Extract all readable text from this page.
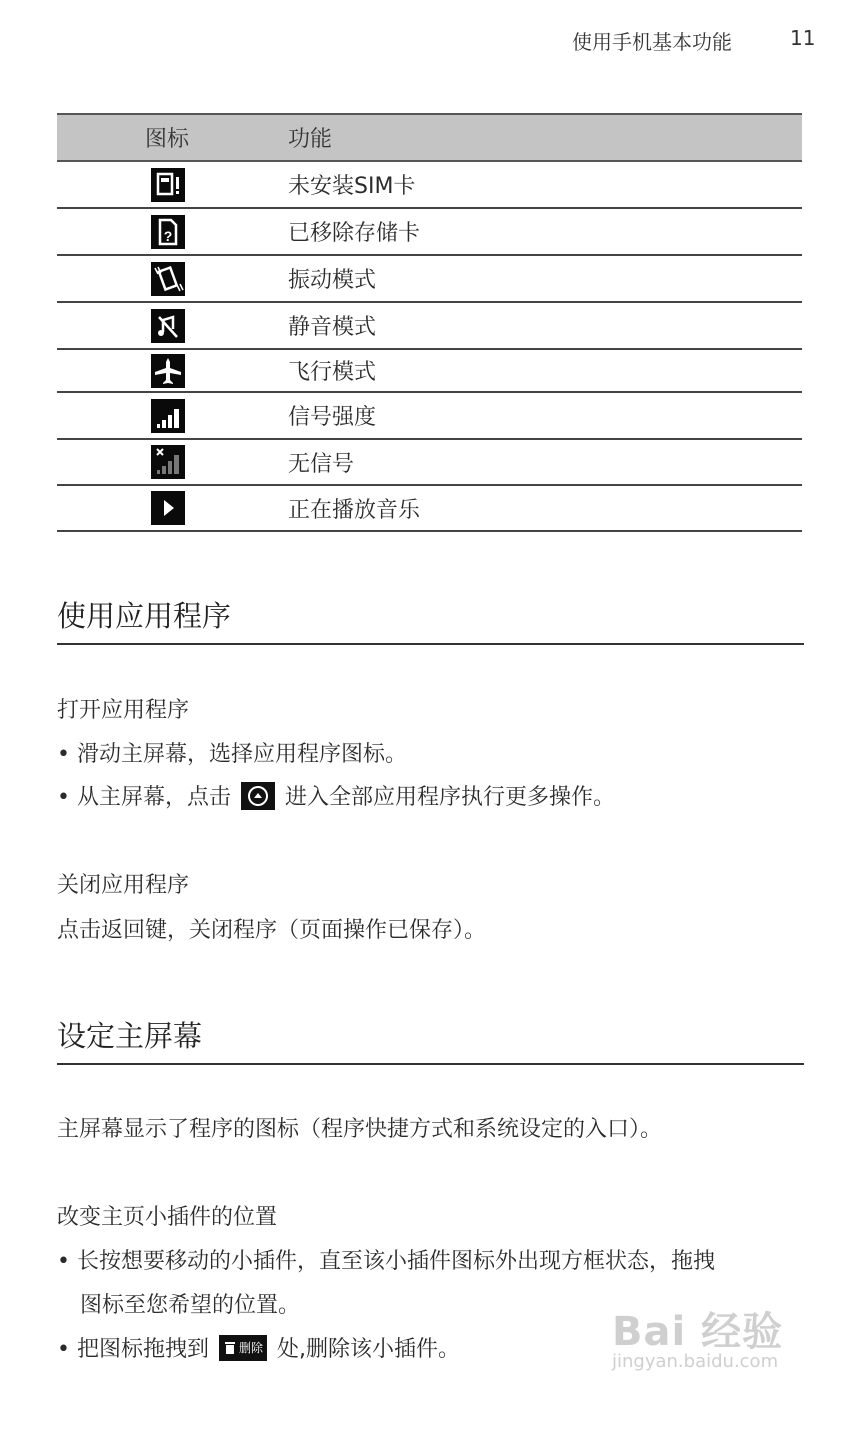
使用手机基本功能	11
图标	功能

	未安装SIM卡

?	已移除存储卡

	振动模式

	静音模式

	飞行模式

	信号强度

	无信号

	正在播放音乐
使用应用程序
打开应用程序
• 滑动主屏幕，选择应用程序图标。
• 从主屏幕，点击 进入全部应用程序执行更多操作。
关闭应用程序
点击返回键，关闭程序（页面操作已保存）。
设定主屏幕
主屏幕显示了程序的图标（程序快捷方式和系统设定的入口）。
改变主页小插件的位置
• 长按想要移动的小插件，直至该小插件图标外出现方框状态，拖拽
图标至您希望的位置。
• 把图标拖拽到 删除 处,删除该小插件。	Bai 经验
jingyan.baidu.com
